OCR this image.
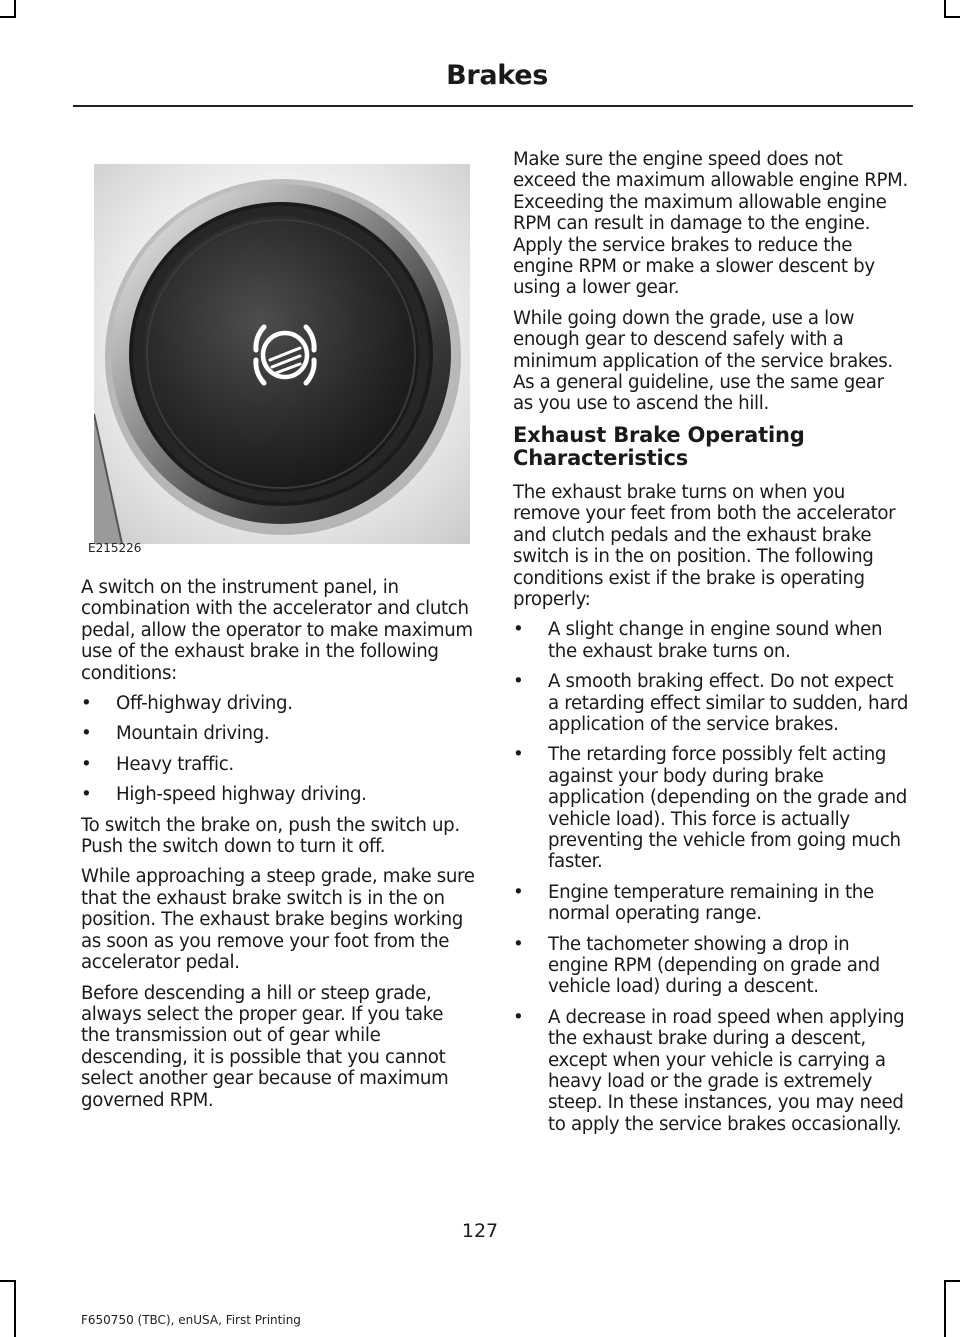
Brakes
E215226

A switch on the instrument panel, in combination with the accelerator and clutch pedal, allow the operator to make maximum use of the exhaust brake in the following conditions:

• Off-highway driving.
• Mountain driving.
• Heavy traffic.
• High-speed highway driving.

To switch the brake on, push the switch up. Push the switch down to turn it off.

While approaching a steep grade, make sure that the exhaust brake switch is in the on position. The exhaust brake begins working as soon as you remove your foot from the accelerator pedal.

Before descending a hill or steep grade, always select the proper gear. If you take the transmission out of gear while descending, it is possible that you cannot select another gear because of maximum governed RPM.

Make sure the engine speed does not exceed the maximum allowable engine RPM. Exceeding the maximum allowable engine RPM can result in damage to the engine. Apply the service brakes to reduce the engine RPM or make a slower descent by using a lower gear.

While going down the grade, use a low enough gear to descend safely with a minimum application of the service brakes. As a general guideline, use the same gear as you use to ascend the hill.

Exhaust Brake Operating Characteristics

The exhaust brake turns on when you remove your feet from both the accelerator and clutch pedals and the exhaust brake switch is in the on position. The following conditions exist if the brake is operating properly:

• A slight change in engine sound when the exhaust brake turns on.
• A smooth braking effect. Do not expect a retarding effect similar to sudden, hard application of the service brakes.
• The retarding force possibly felt acting against your body during brake application (depending on the grade and vehicle load). This force is actually preventing the vehicle from going much faster.
• Engine temperature remaining in the normal operating range.
• The tachometer showing a drop in engine RPM (depending on grade and vehicle load) during a descent.
• A decrease in road speed when applying the exhaust brake during a descent, except when your vehicle is carrying a heavy load or the grade is extremely steep. In these instances, you may need to apply the service brakes occasionally.
127
F650750 (TBC), enUSA, First Printing
